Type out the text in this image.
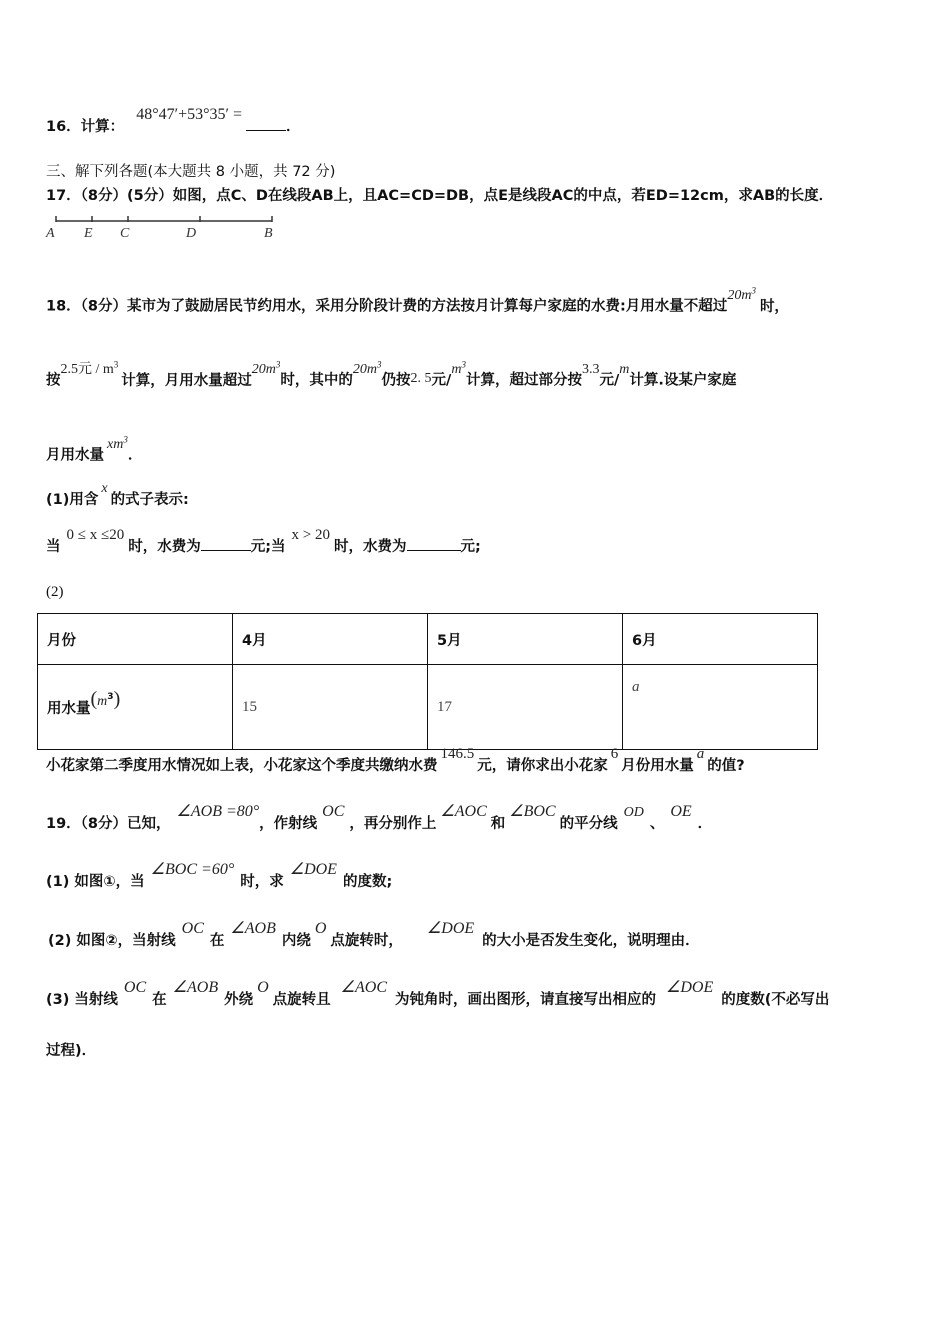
16．计算：48°47′+53°35′ =．
三、解下列各题(本大题共 8 小题，共 72 分)
17．（8分）(5分）如图，点C、D在线段AB上，且AC=CD=DB，点E是线段AC的中点，若ED=12cm，求AB的长度．
A E C	D	B
18．（8分）某市为了鼓励居民节约用水，采用分阶段计费的方法按月计算每户家庭的水费:月用水量不超过$20m^3$时，
按2.5元 / $m^3$计算，月用水量超过$20m^3$时，其中的$20m^3$仍按2. 5元$/m^3$计算，超过部分按3.3元/m计算.设某户家庭
月用水量$xm^3$．
(1)用含x的式子表示:
当0 ≤ x ≤20时，水费为	元;当x > 20时，水费为	元;
(2)
月份	4月	5月	6月
用水量$(m^3)$	15	17	a
小花家第二季度用水情况如上表，小花家这个季度共缴纳水费146.5元，请你求出小花家6月份用水量a的值?
19．（8分）已知，∠AOB =80°，作射线OC，再分别作上∠AOC和∠BOC的平分线OD、OE．
(1) 如图①，当∠BOC =60°时，求∠DOE的度数;
(2) 如图②，当射线OC在∠AOB内绕O点旋转时，∠DOE的大小是否发生变化，说明理由．
(3) 当射线OC在∠AOB外绕O点旋转且∠AOC为钝角时，画出图形，请直接写出相应的∠DOE的度数(不必写出
过程)．
